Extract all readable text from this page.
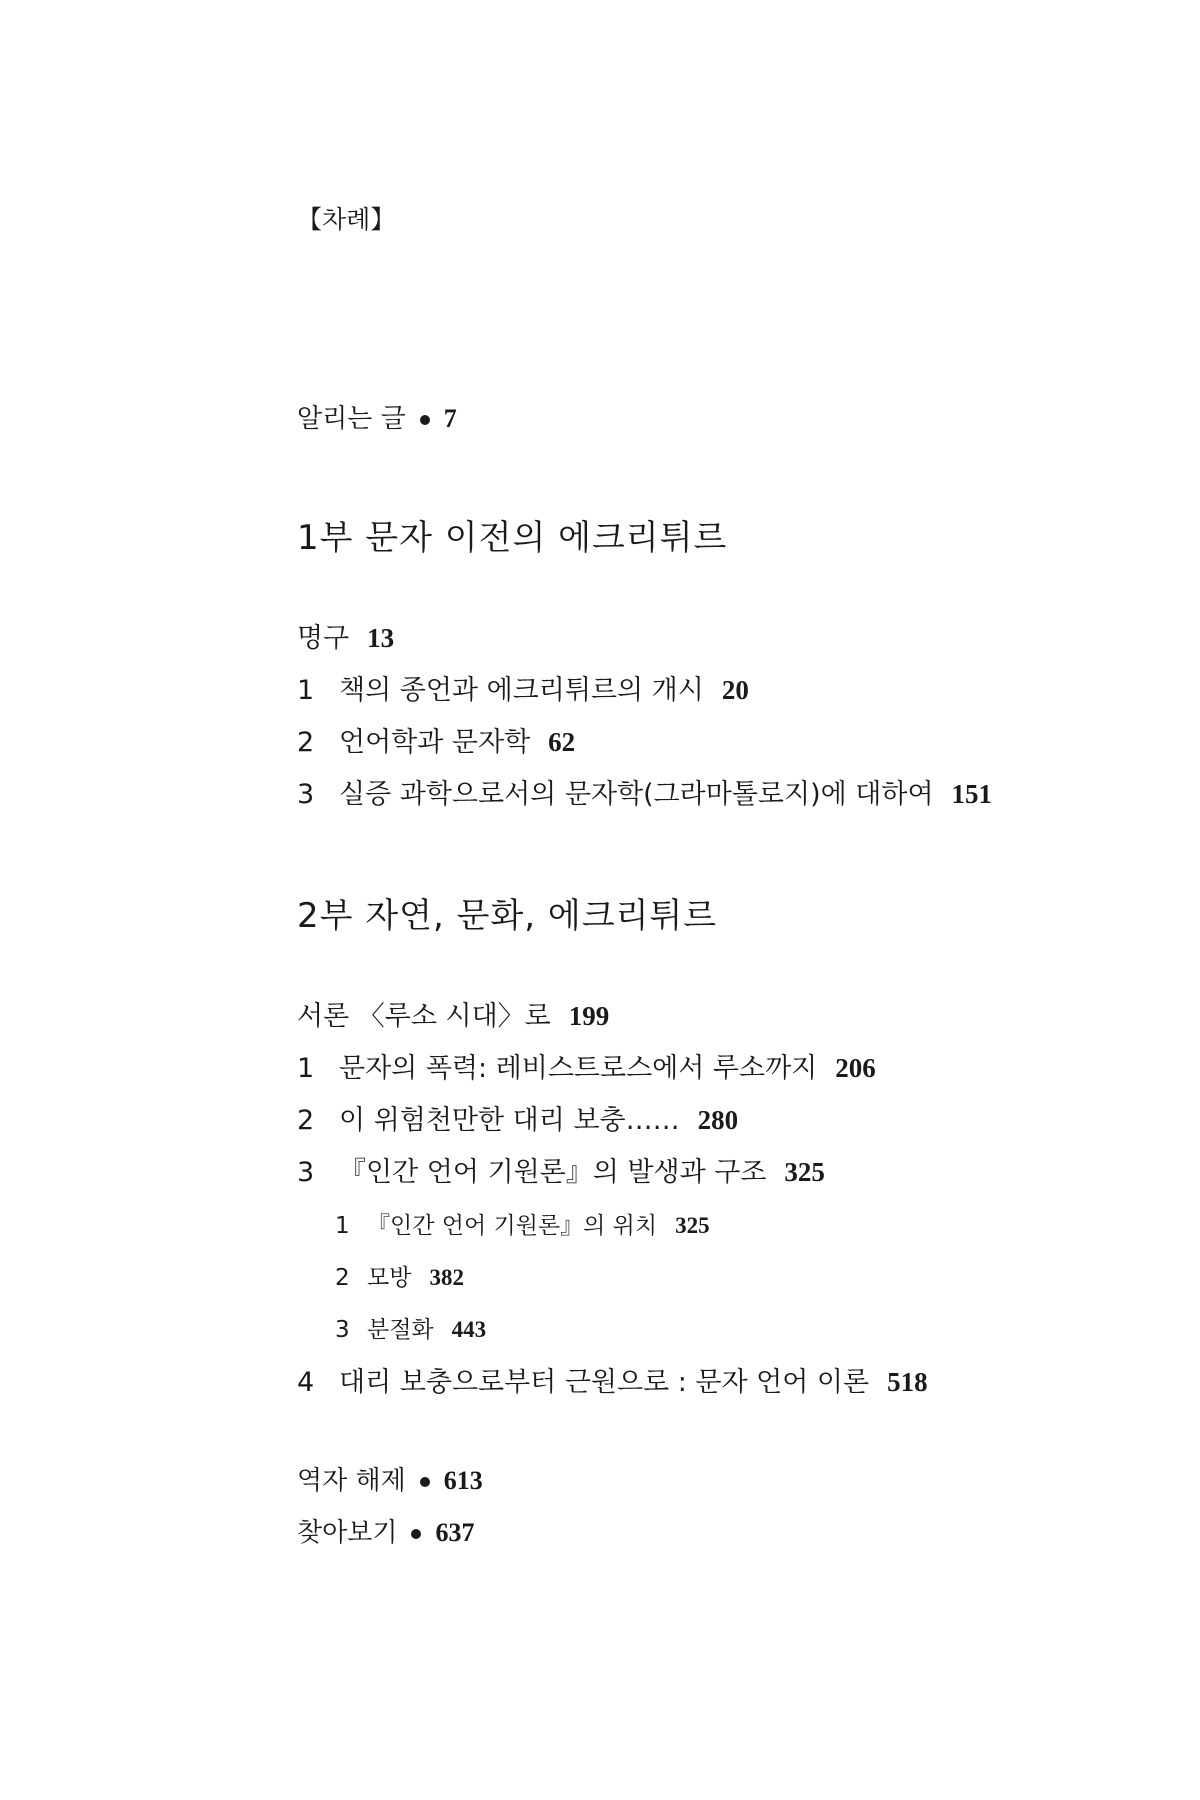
【차례】
알리는 글 7
1부 문자 이전의 에크리튀르
명구 13
1 책의 종언과 에크리튀르의 개시 20
2 언어학과 문자학 62
3 실증 과학으로서의 문자학(그라마톨로지)에 대하여 151
2부 자연, 문화, 에크리튀르
서론 〈루소 시대〉로 199
1 문자의 폭력: 레비스트로스에서 루소까지 206
2 이 위험천만한 대리 보충…… 280
3 『인간 언어 기원론』의 발생과 구조 325
1 『인간 언어 기원론』의 위치 325
2 모방 382
3 분절화 443
4 대리 보충으로부터 근원으로 : 문자 언어 이론 518
역자 해제 613
찾아보기 637
